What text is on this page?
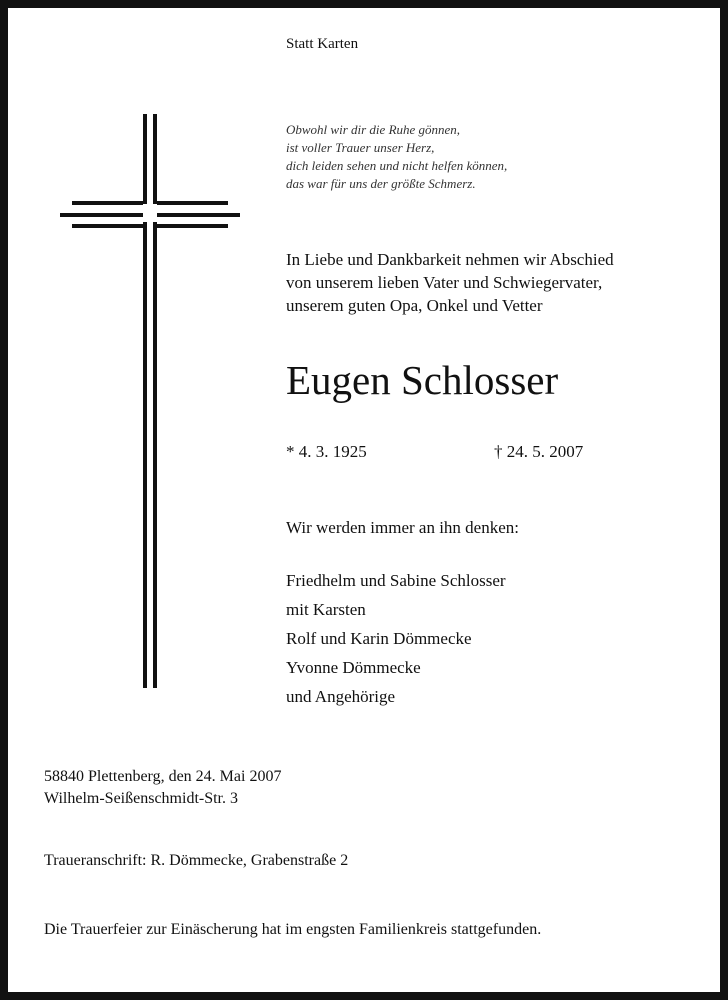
Statt Karten
Obwohl wir dir die Ruhe gönnen,
ist voller Trauer unser Herz,
dich leiden sehen und nicht helfen können,
das war für uns der größte Schmerz.
In Liebe und Dankbarkeit nehmen wir Abschied
von unserem lieben Vater und Schwiegervater,
unserem guten Opa, Onkel und Vetter
Eugen Schlosser
* 4. 3. 1925	† 24. 5. 2007
Wir werden immer an ihn denken:
Friedhelm und Sabine Schlosser
mit Karsten
Rolf und Karin Dömmecke
Yvonne Dömmecke
und Angehörige
58840 Plettenberg, den 24. Mai 2007
Wilhelm-Seißenschmidt-Str. 3
Traueranschrift: R. Dömmecke, Grabenstraße 2
Die Trauerfeier zur Einäscherung hat im engsten Familienkreis stattgefunden.
